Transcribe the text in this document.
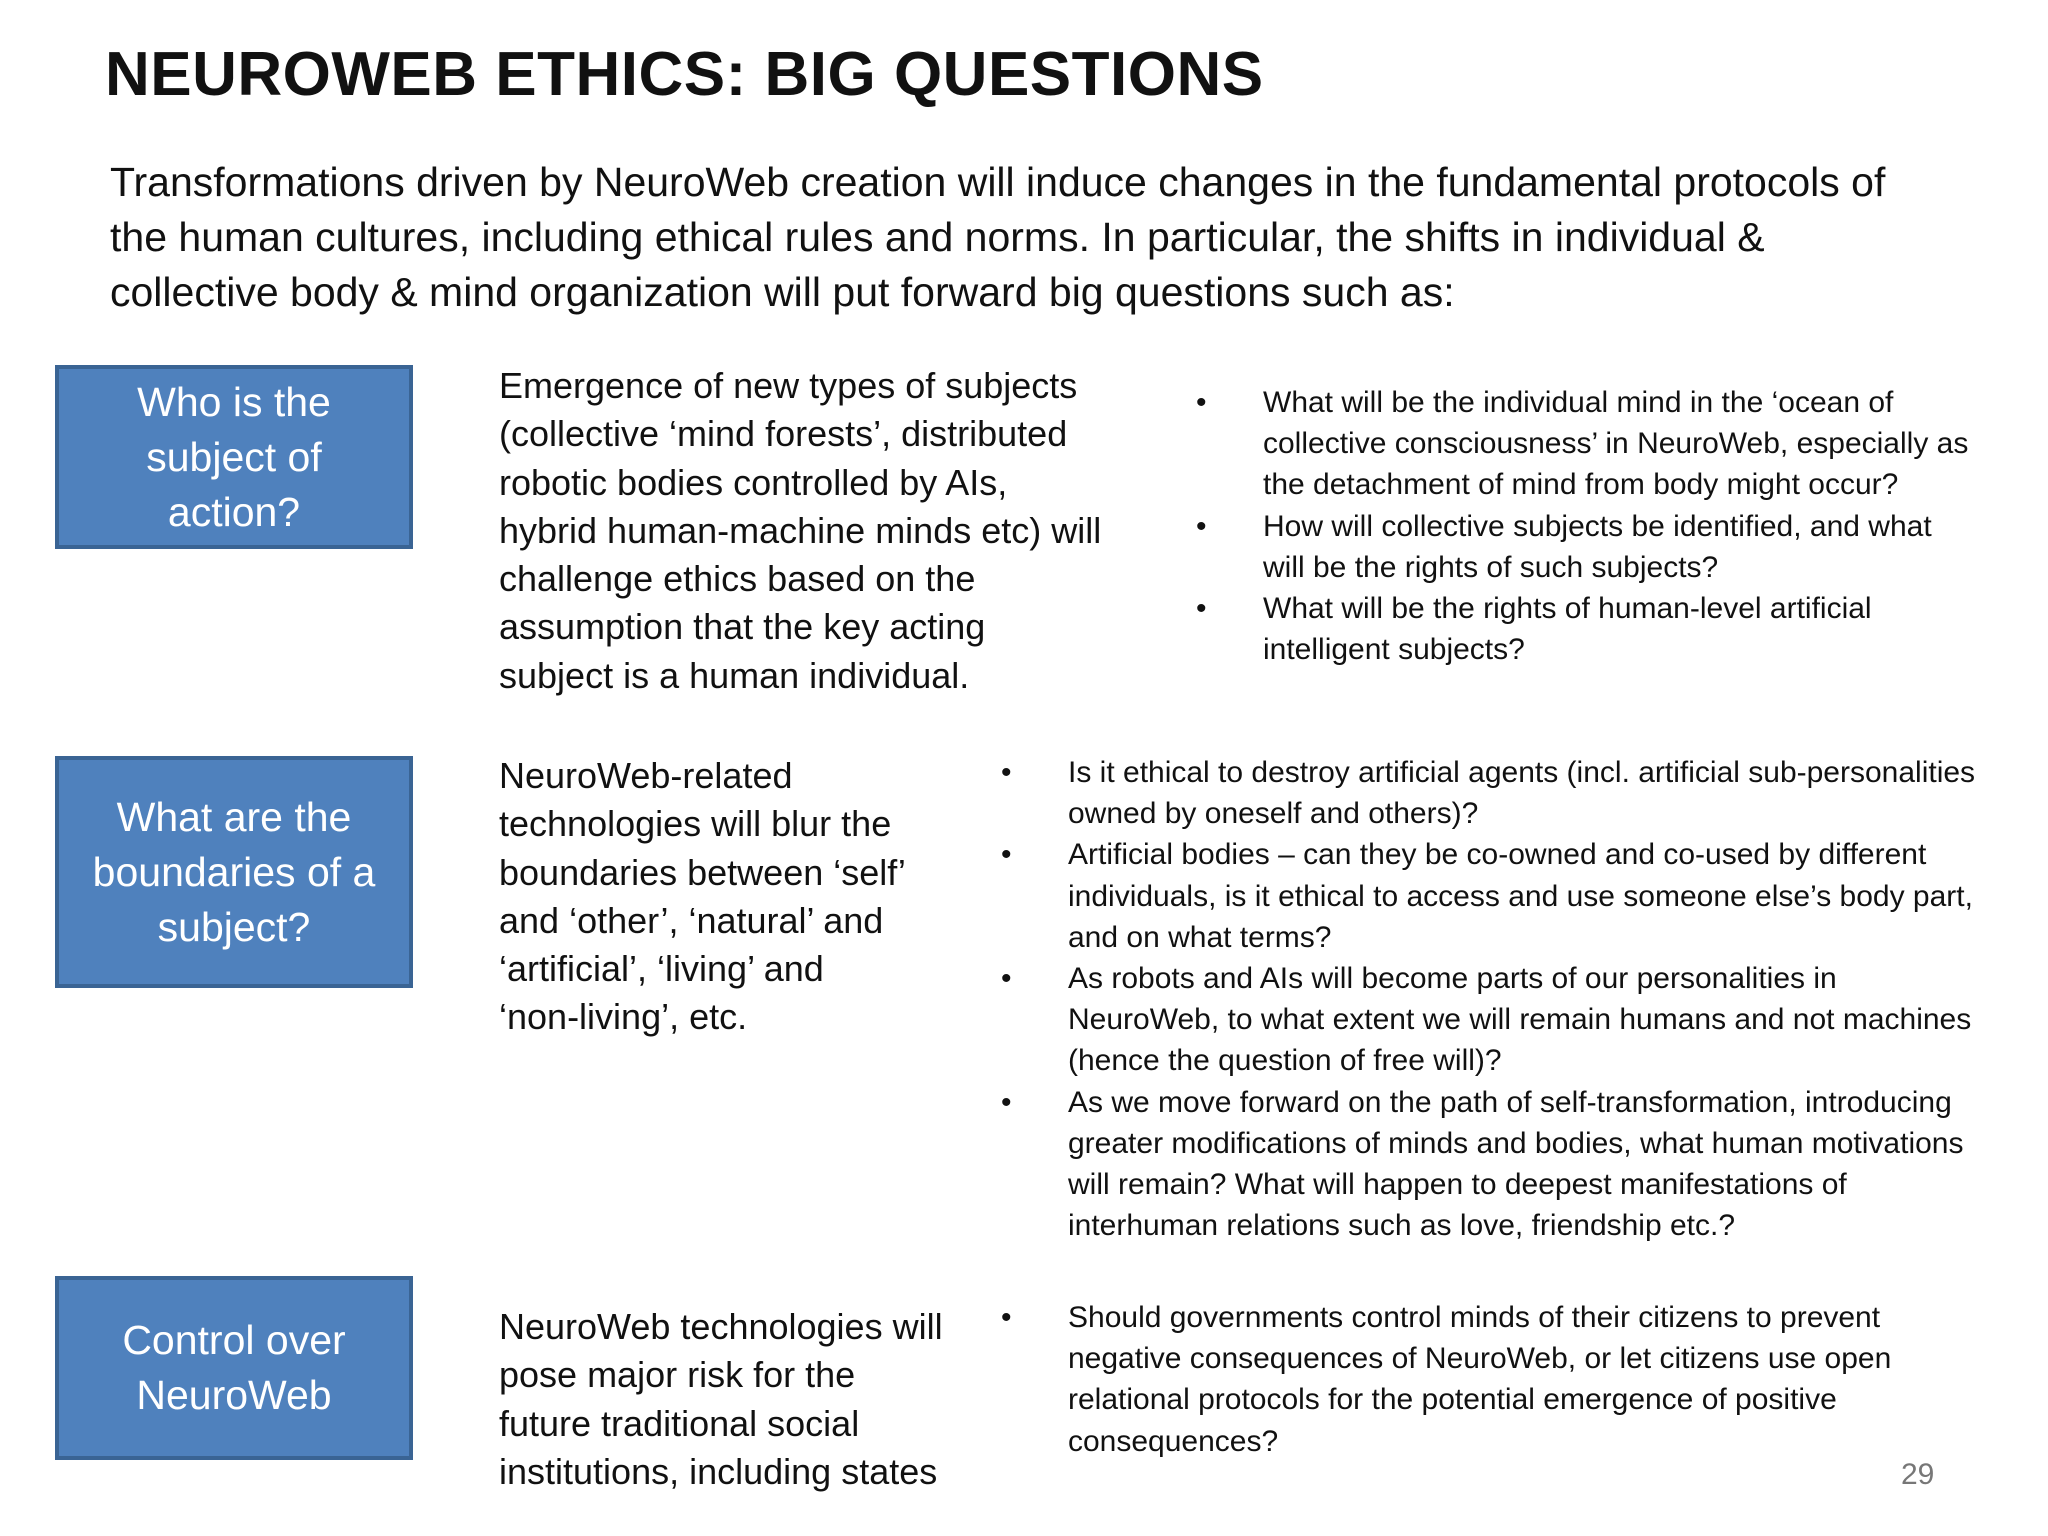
NEUROWEB ETHICS: BIG QUESTIONS
Transformations driven by NeuroWeb creation will induce changes in the fundamental protocols of
the human cultures, including ethical rules and norms. In particular, the shifts in individual &
collective body & mind organization will put forward big questions such as:
Who is the
subject of
action?
Emergence of new types of subjects
(collective ‘mind forests’, distributed
robotic bodies controlled by AIs,
hybrid human-machine minds etc) will
challenge ethics based on the
assumption that the key acting
subject is a human individual.
• What will be the individual mind in the ‘ocean of
collective consciousness’ in NeuroWeb, especially as
the detachment of mind from body might occur?
• How will collective subjects be identified, and what
will be the rights of such subjects?
• What will be the rights of human-level artificial
intelligent subjects?
What are the
boundaries of a
subject?
NeuroWeb-related
technologies will blur the
boundaries between ‘self’
and ‘other’, ‘natural’ and
‘artificial’, ‘living’ and
‘non-living’, etc.
• Is it ethical to destroy artificial agents (incl. artificial sub-personalities
owned by oneself and others)?
• Artificial bodies – can they be co-owned and co-used by different
individuals, is it ethical to access and use someone else’s body part,
and on what terms?
• As robots and AIs will become parts of our personalities in
NeuroWeb, to what extent we will remain humans and not machines
(hence the question of free will)?
• As we move forward on the path of self-transformation, introducing
greater modifications of minds and bodies, what human motivations
will remain? What will happen to deepest manifestations of
interhuman relations such as love, friendship etc.?
Control over
NeuroWeb
NeuroWeb technologies will
pose major risk for the
future traditional social
institutions, including states
• Should governments control minds of their citizens to prevent
negative consequences of NeuroWeb, or let citizens use open
relational protocols for the potential emergence of positive
consequences?
29
